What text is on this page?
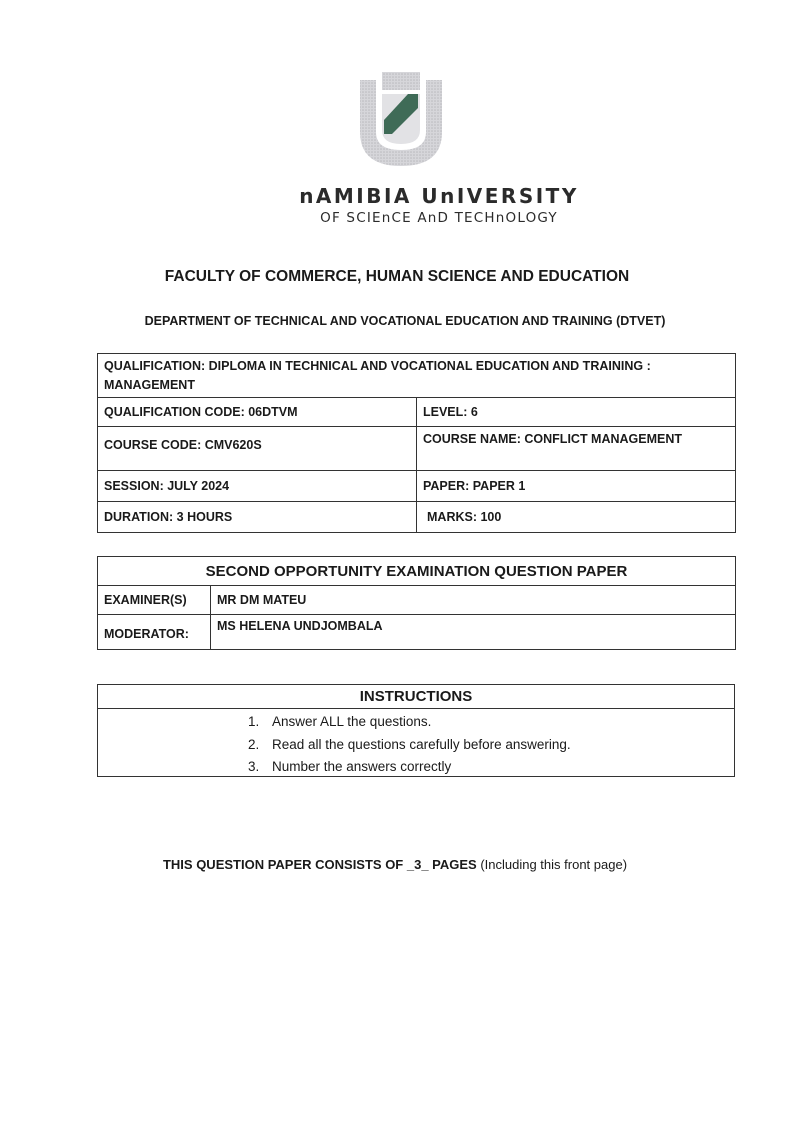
nAMIBIA UnIVERSITY
OF SCIEnCE AnD TECHnOLOGY
FACULTY OF COMMERCE, HUMAN SCIENCE AND EDUCATION
DEPARTMENT OF TECHNICAL AND VOCATIONAL EDUCATION AND TRAINING (DTVET)
QUALIFICATION: DIPLOMA IN TECHNICAL AND VOCATIONAL EDUCATION AND TRAINING : MANAGEMENT	
QUALIFICATION CODE: 06DTVM	LEVEL: 6
COURSE CODE: CMV620S	COURSE NAME: CONFLICT MANAGEMENT
SESSION: JULY 2024	PAPER: PAPER 1
DURATION: 3 HOURS	MARKS: 100
SECOND OPPORTUNITY EXAMINATION QUESTION PAPER	
EXAMINER(S)	MR DM MATEU
MODERATOR:	MS HELENA UNDJOMBALA
INSTRUCTIONS
1. Answer ALL the questions.
2. Read all the questions carefully before answering.
3. Number the answers correctly
THIS QUESTION PAPER CONSISTS OF _3_ PAGES (Including this front page)
